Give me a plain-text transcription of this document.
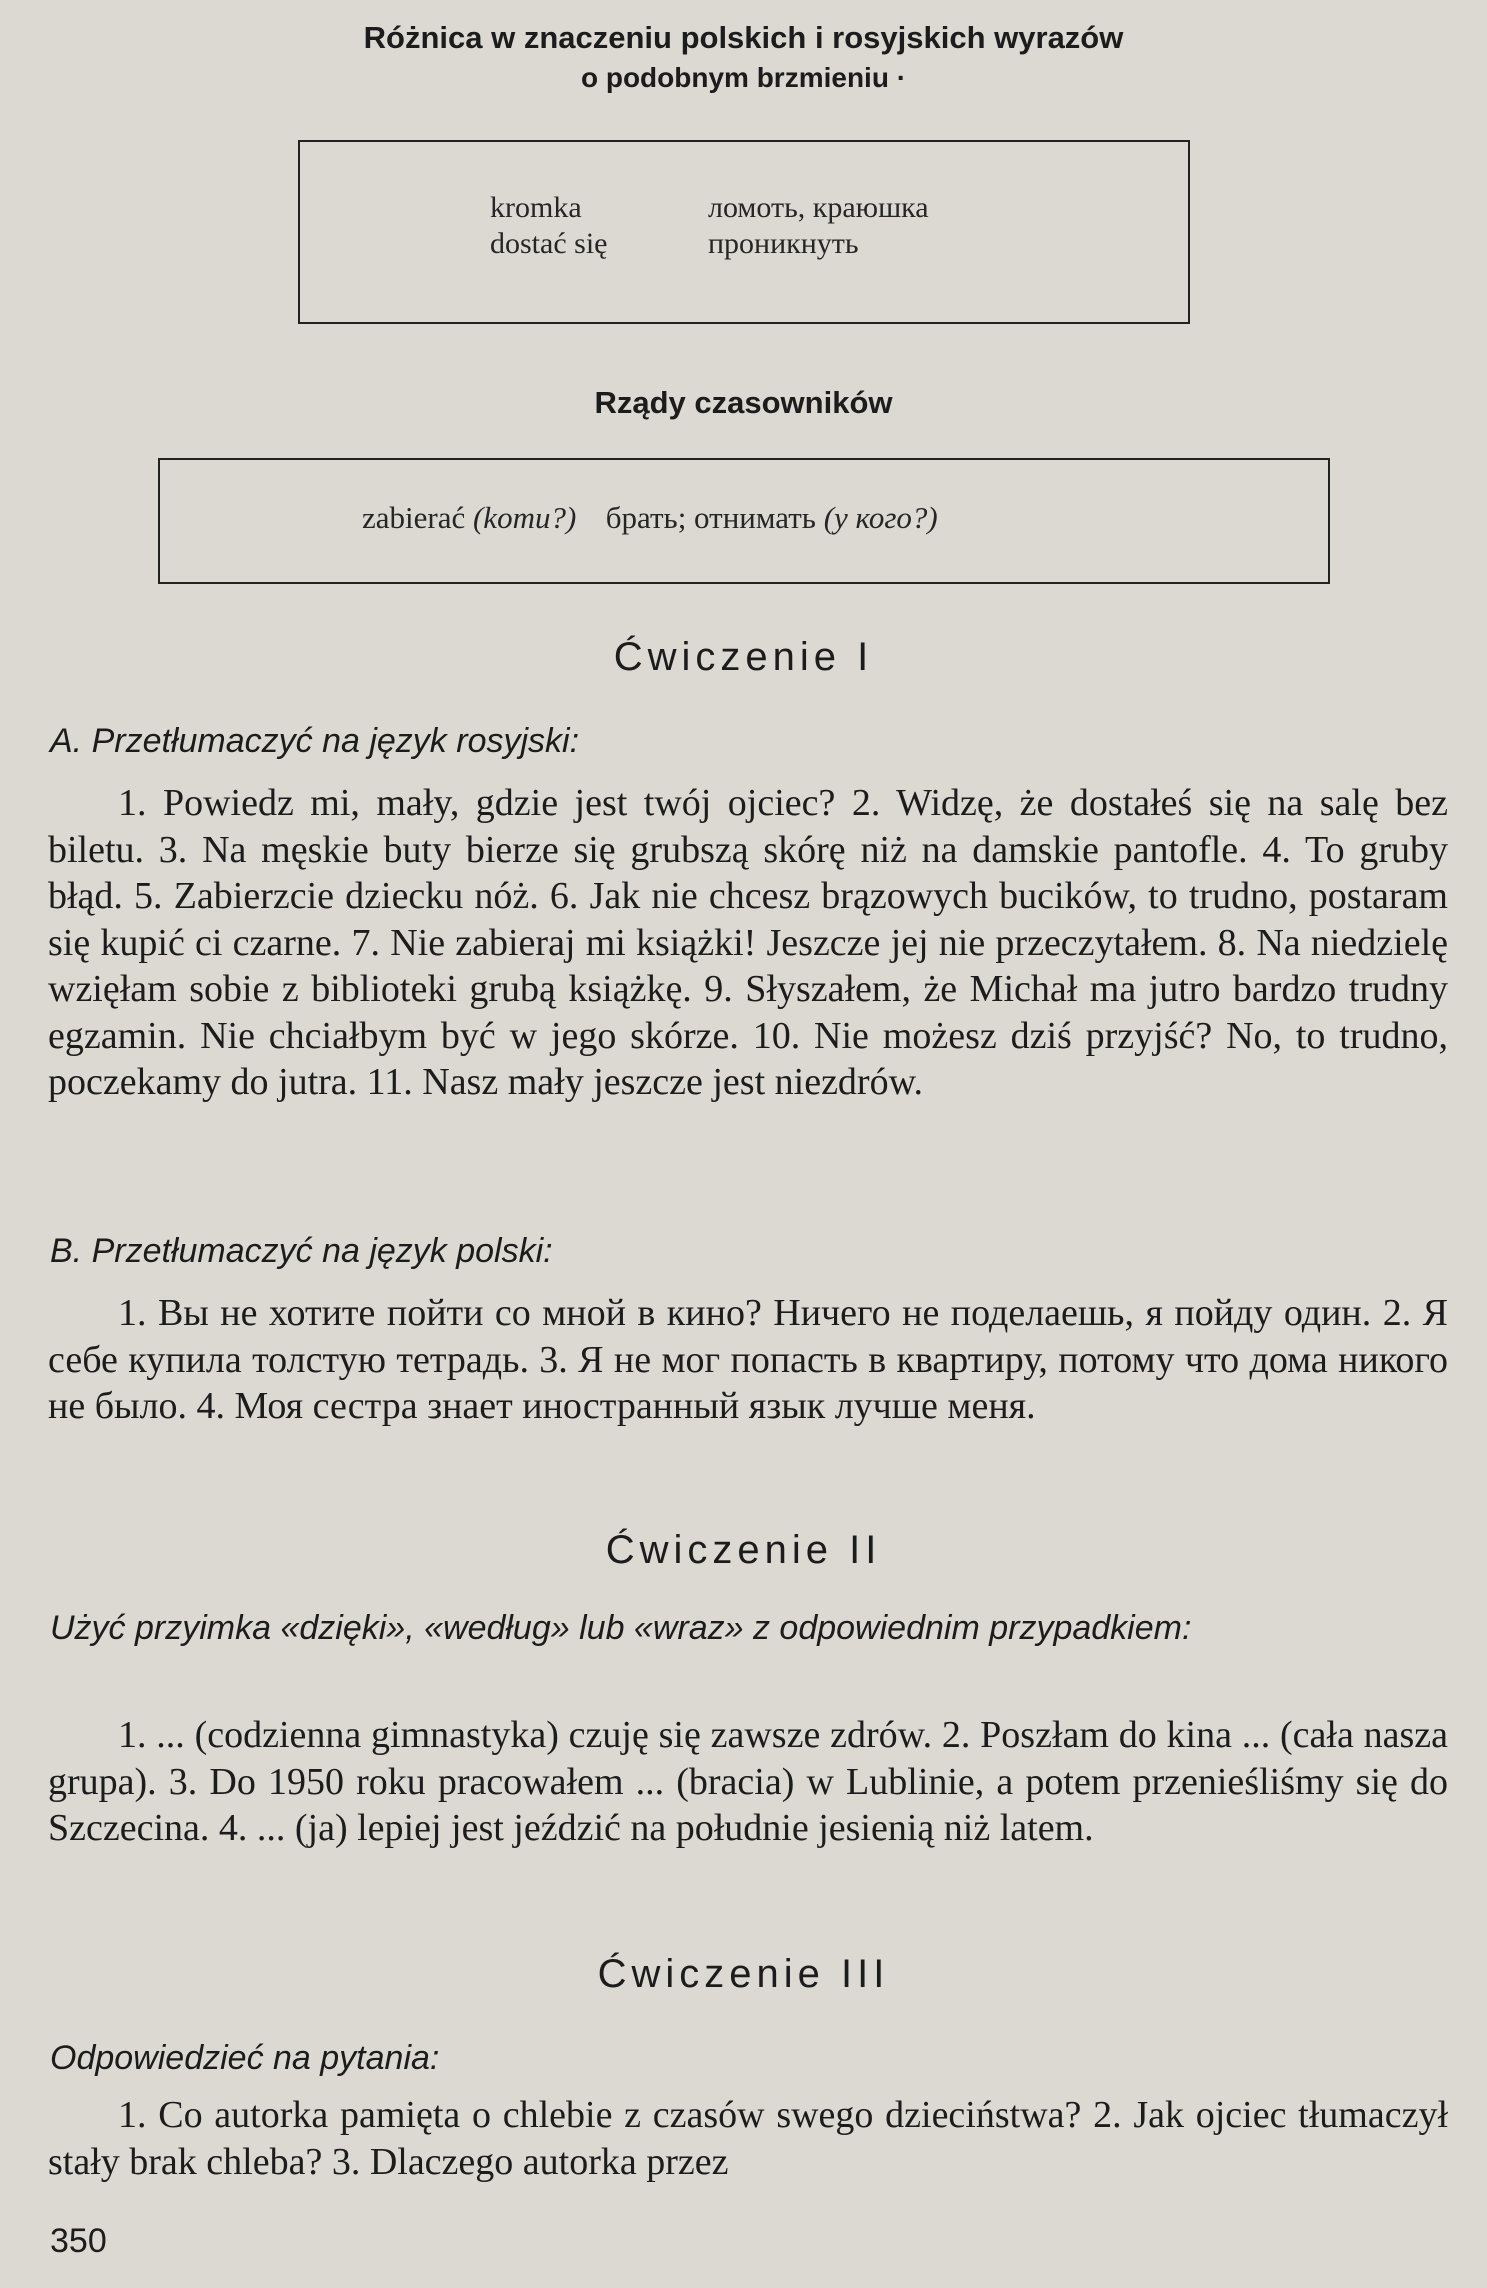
Różnica w znaczeniu polskich i rosyjskich wyrazów
o podobnym brzmieniu ·
kromka
dostać się
ломоть, краюшка
проникнуть
Rządy czasowników
zabierać (komu?) брать; отнимать (у кого?)
Ćwiczenie I
A. Przetłumaczyć na język rosyjski:
1. Powiedz mi, mały, gdzie jest twój ojciec? 2. Widzę, że dostałeś się na salę bez biletu. 3. Na męskie buty bierze się grubszą skórę niż na damskie pantofle. 4. To gruby błąd. 5. Zabierzcie dziecku nóż. 6. Jak nie chcesz brązowych bucików, to trudno, postaram się kupić ci czarne. 7. Nie zabieraj mi książki! Jeszcze jej nie przeczytałem. 8. Na niedzielę wzięłam sobie z biblioteki grubą książkę. 9. Słyszałem, że Michał ma jutro bardzo trudny egzamin. Nie chciałbym być w jego skórze. 10. Nie możesz dziś przyjść? No, to trudno, poczekamy do jutra. 11. Nasz mały jeszcze jest niezdrów.
B. Przetłumaczyć na język polski:
1. Вы не хотите пойти со мной в кино? Ничего не поделаешь, я пойду один. 2. Я себе купила толстую тетрадь. 3. Я не мог попасть в квартиру, потому что дома никого не было. 4. Моя сестра знает иностранный язык лучше меня.
Ćwiczenie II
Użyć przyimka «dzięki», «według» lub «wraz» z odpowiednim przypadkiem:
1. ... (codzienna gimnastyka) czuję się zawsze zdrów. 2. Poszłam do kina ... (cała nasza grupa). 3. Do 1950 roku pracowałem ... (bracia) w Lublinie, a potem przenieśliśmy się do Szczecina. 4. ... (ja) lepiej jest jeździć na południe jesienią niż latem.
Ćwiczenie III
Odpowiedzieć na pytania:
1. Co autorka pamięta o chlebie z czasów swego dzieciństwa? 2. Jak ojciec tłumaczył stały brak chleba? 3. Dlaczego autorka przez
350
